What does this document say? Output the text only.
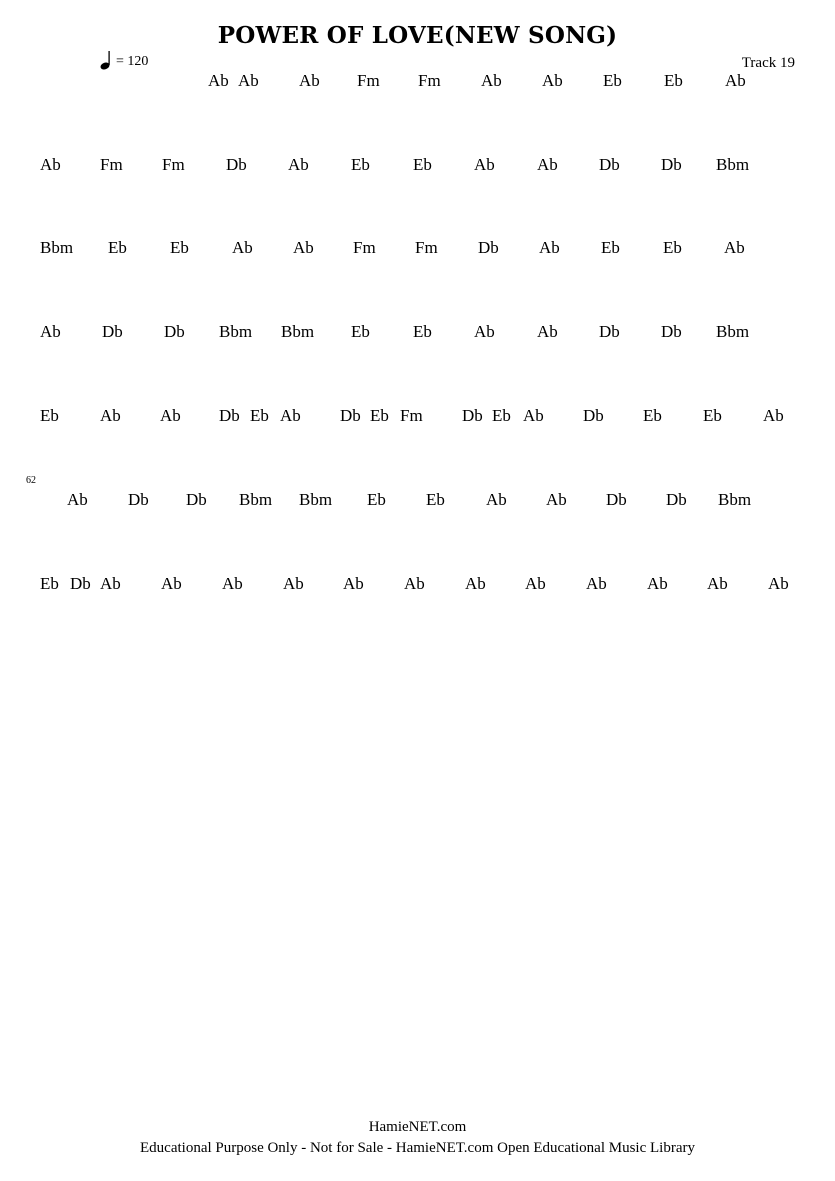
POWER OF LOVE(NEW SONG)
= 120	Track 19
62
Ab Ab Ab Fm Fm Ab Ab Eb Eb Ab
Ab Fm Fm Db Ab Eb	Eb Ab Ab Db Db Bbm
Bbm Eb	Eb	Ab Ab Fm Fm Db Ab Eb	Eb Ab
Ab Db Db Bbm Bbm Eb	Eb Ab Ab Db Db Bbm
Eb Ab Ab Db Eb Ab Db Eb Fm Db Eb Ab Db Eb Eb Ab
Ab Db Db Bbm Bbm Eb Eb Ab Ab Db Db Bbm
Eb Db Ab Ab Ab Ab Ab Ab Ab Ab Ab Ab Ab Ab
HamieNET.com
Educational Purpose Only - Not for Sale - HamieNET.com Open Educational Music Library
